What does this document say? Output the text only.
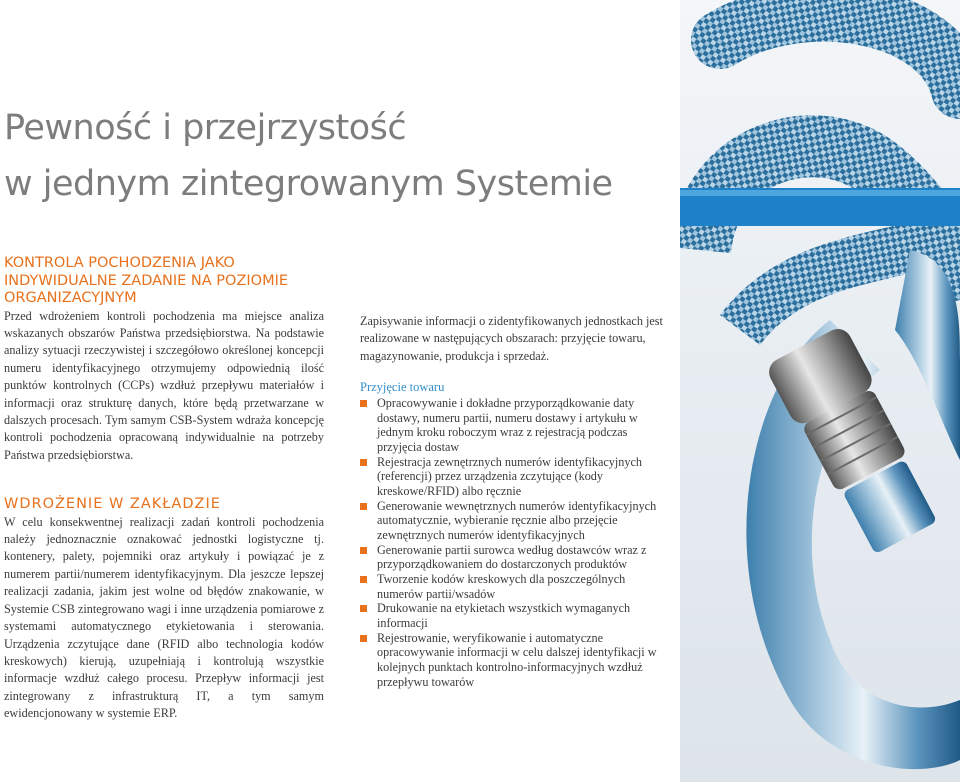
Pewność i przejrzystość
w jednym zintegrowanym Systemie
KONTROLA POCHODZENIA JAKO
INDYWIDUALNE ZADANIE NA POZIOMIE
ORGANIZACYJNYM

Przed wdrożeniem kontroli pochodzenia ma miejsce analiza wskazanych obszarów Państwa przedsiębiorstwa. Na podstawie analizy sytuacji rzeczywistej i szczegółowo określonej koncepcji numeru identyfikacyjnego otrzymujemy odpowiednią ilość punktów kontrolnych (CCPs) wzdłuż przepływu materiałów i informacji oraz strukturę danych, które będą przetwarzane w dalszych procesach. Tym samym CSB-System wdraża koncepcję kontroli pochodzenia opracowaną indywidualnie na potrzeby Państwa przedsiębiorstwa.

WDROŻENIE W ZAKŁADZIE

W celu konsekwentnej realizacji zadań kontroli pochodzenia należy jednoznacznie oznakować jednostki logistyczne tj. kontenery, palety, pojemniki oraz artykuły i powiązać je z numerem partii/numerem identyfikacyjnym. Dla jeszcze lepszej realizacji zadania, jakim jest wolne od błędów znakowanie, w Systemie CSB zintegrowano wagi i inne urządzenia pomiarowe z systemami automatycznego etykietowania i sterowania. Urządzenia zczytujące dane (RFID albo technologia kodów kreskowych) kierują, uzupełniają i kontrolują wszystkie informacje wzdłuż całego procesu. Przepływ informacji jest zintegrowany z infrastrukturą IT, a tym samym ewidencjonowany w systemie ERP.

Zapisywanie informacji o zidentyfikowanych jednostkach jest realizowane w następujących obszarach: przyjęcie towaru, magazynowanie, produkcja i sprzedaż.

Przyjęcie towaru
Opracowywanie i dokładne przyporządkowanie daty dostawy, numeru partii, numeru dostawy i artykułu w jednym kroku roboczym wraz z rejestracją podczas przyjęcia dostaw
Rejestracja zewnętrznych numerów identyfikacyjnych (referencji) przez urządzenia zczytujące (kody kreskowe/RFID) albo ręcznie
Generowanie wewnętrznych numerów identyfikacyjnych automatycznie, wybieranie ręcznie albo przejęcie zewnętrznych numerów identyfikacyjnych
Generowanie partii surowca według dostawców wraz z przyporządkowaniem do dostarczonych produktów
Tworzenie kodów kreskowych dla poszczególnych numerów partii/wsadów
Drukowanie na etykietach wszystkich wymaganych informacji
Rejestrowanie, weryfikowanie i automatyczne opracowywanie informacji w celu dalszej identyfikacji w kolejnych punktach kontrolno-informacyjnych wzdłuż przepływu towarów
